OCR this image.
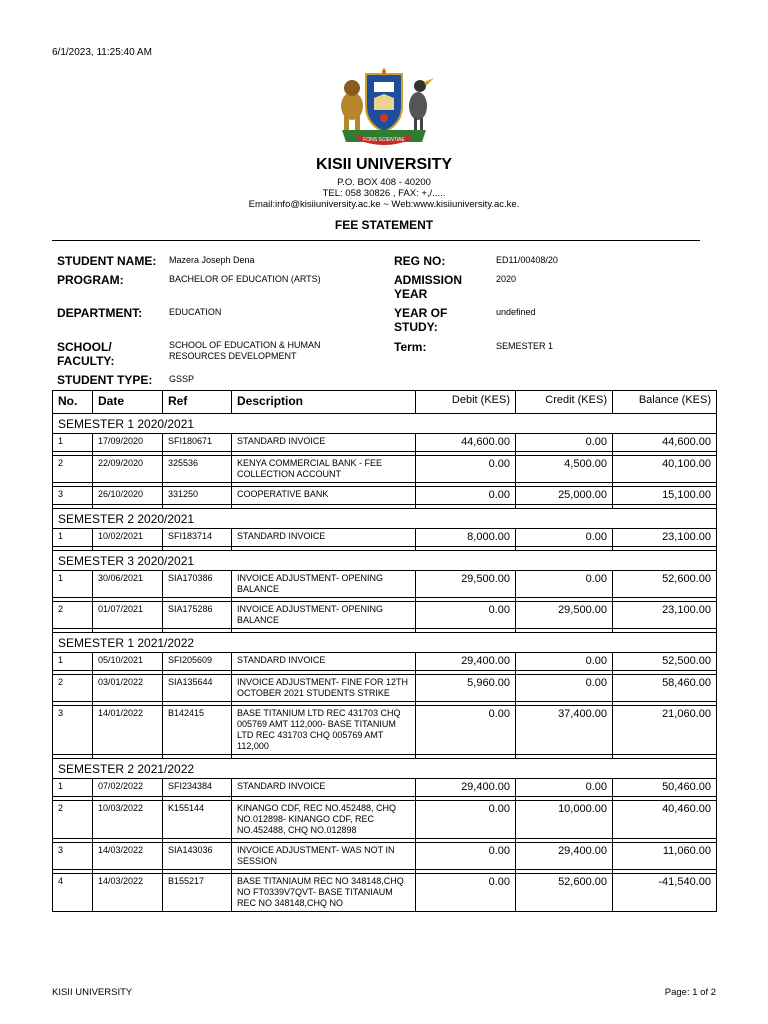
6/1/2023, 11:25:40 AM
FONS SCIENTIAE
KISII UNIVERSITY
P.O. BOX 408 - 40200
TEL: 058 30826 , FAX: +,/.....
Email:info@kisiiuniversity.ac.ke ~ Web:www.kisiiuniversity.ac.ke.
FEE STATEMENT
STUDENT NAME: Mazera Joseph Dena	REG NO:	ED11/00408/20
PROGRAM:	BACHELOR OF EDUCATION (ARTS)	ADMISSION YEAR
2020
DEPARTMENT:	EDUCATION	YEAR OF STUDY:
undefined
SCHOOL/ FACULTY:
SCHOOL OF EDUCATION & HUMAN RESOURCES DEVELOPMENT
Term:	SEMESTER 1
STUDENT TYPE: GSSP
No.	Date	Ref	Description	Debit (KES)	Credit (KES)	Balance (KES)
SEMESTER 1 2020/2021						
1	17/09/2020	SFI180671	STANDARD INVOICE	44,600.00	0.00	44,600.00

2	22/09/2020	325536	KENYA COMMERCIAL BANK - FEE COLLECTION ACCOUNT	0.00	4,500.00	40,100.00

3	26/10/2020	331250	COOPERATIVE BANK	0.00	25,000.00	15,100.00

SEMESTER 2 2020/2021						
1	10/02/2021	SFI183714	STANDARD INVOICE	8,000.00	0.00	23,100.00

SEMESTER 3 2020/2021						
1	30/06/2021	SIA170386	INVOICE ADJUSTMENT- OPENING BALANCE	29,500.00	0.00	52,600.00

2	01/07/2021	SIA175286	INVOICE ADJUSTMENT- OPENING BALANCE	0.00	29,500.00	23,100.00

SEMESTER 1 2021/2022						
1	05/10/2021	SFI205609	STANDARD INVOICE	29,400.00	0.00	52,500.00

2	03/01/2022	SIA135644	INVOICE ADJUSTMENT- FINE FOR 12TH OCTOBER 2021 STUDENTS STRIKE	5,960.00	0.00	58,460.00

3	14/01/2022	B142415	BASE TITANIUM LTD REC 431703 CHQ 005769 AMT 112,000- BASE TITANIUM LTD REC 431703 CHQ 005769 AMT 112,000	0.00	37,400.00	21,060.00

SEMESTER 2 2021/2022						
1	07/02/2022	SFI234384	STANDARD INVOICE	29,400.00	0.00	50,460.00

2	10/03/2022	K155144	KINANGO CDF, REC NO.452488, CHQ NO.012898- KINANGO CDF, REC NO.452488, CHQ NO.012898	0.00	10,000.00	40,460.00

3	14/03/2022	SIA143036	INVOICE ADJUSTMENT- WAS NOT IN SESSION	0.00	29,400.00	11,060.00

4	14/03/2022	B155217	BASE TITANIAUM REC NO 348148,CHQ NO FT0339V7QVT- BASE TITANIAUM REC NO 348148,CHQ NO	0.00	52,600.00	-41,540.00
KISII UNIVERSITY	Page: 1 of 2
